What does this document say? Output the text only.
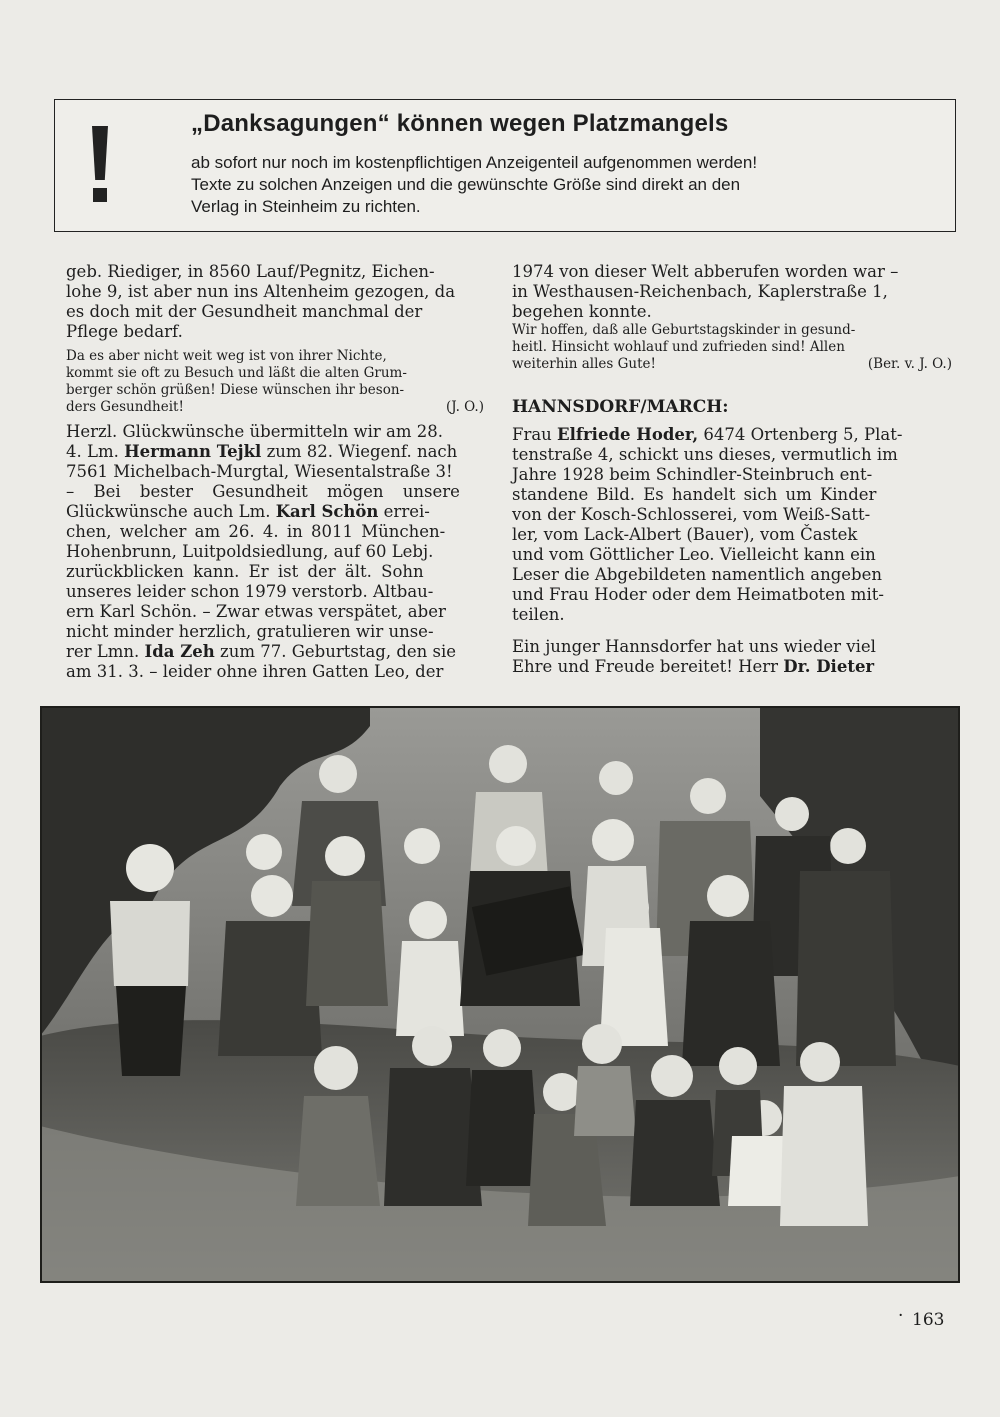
„Danksagungen“ können wegen Platzmangels
ab sofort nur noch im kostenpflichtigen Anzeigenteil aufgenommen werden!
Texte zu solchen Anzeigen und die gewünschte Größe sind direkt an den
Verlag in Steinheim zu richten.
geb. Riediger, in 8560 Lauf/Pegnitz, Eichen-
lohe 9, ist aber nun ins Altenheim gezogen, da
es doch mit der Gesundheit manchmal der
Pflege bedarf.
Da es aber nicht weit weg ist von ihrer Nichte,
kommt sie oft zu Besuch und läßt die alten Grum-
berger schön grüßen! Diese wünschen ihr beson-
ders Gesundheit!	(J. O.)
Herzl. Glückwünsche übermitteln wir am 28.
4. Lm. Hermann Tejkl zum 82. Wiegenf. nach
7561 Michelbach-Murgtal, Wiesentalstraße 3!
– Bei bester Gesundheit mögen unsere
Glückwünsche auch Lm. Karl Schön errei-
chen, welcher am 26. 4. in 8011 München-
Hohenbrunn, Luitpoldsiedlung, auf 60 Lebj.
zurückblicken kann. Er ist der ält. Sohn
unseres leider schon 1979 verstorb. Altbau-
ern Karl Schön. – Zwar etwas verspätet, aber
nicht minder herzlich, gratulieren wir unse-
rer Lmn. Ida Zeh zum 77. Geburtstag, den sie
am 31. 3. – leider ohne ihren Gatten Leo, der
1974 von dieser Welt abberufen worden war –
in Westhausen-Reichenbach, Kaplerstraße 1,
begehen konnte.
Wir hoffen, daß alle Geburtstagskinder in gesund-
heitl. Hinsicht wohlauf und zufrieden sind! Allen
weiterhin alles Gute!	(Ber. v. J. O.)
HANNSDORF/MARCH:
Frau Elfriede Hoder, 6474 Ortenberg 5, Plat-
tenstraße 4, schickt uns dieses, vermutlich im
Jahre 1928 beim Schindler-Steinbruch ent-
standene Bild. Es handelt sich um Kinder
von der Kosch-Schlosserei, vom Weiß-Satt-
ler, vom Lack-Albert (Bauer), vom Častek
und vom Göttlicher Leo. Vielleicht kann ein
Leser die Abgebildeten namentlich angeben
und Frau Hoder oder dem Heimatboten mit-
teilen.
Ein junger Hannsdorfer hat uns wieder viel
Ehre und Freude bereitet! Herr Dr. Dieter
· 163
